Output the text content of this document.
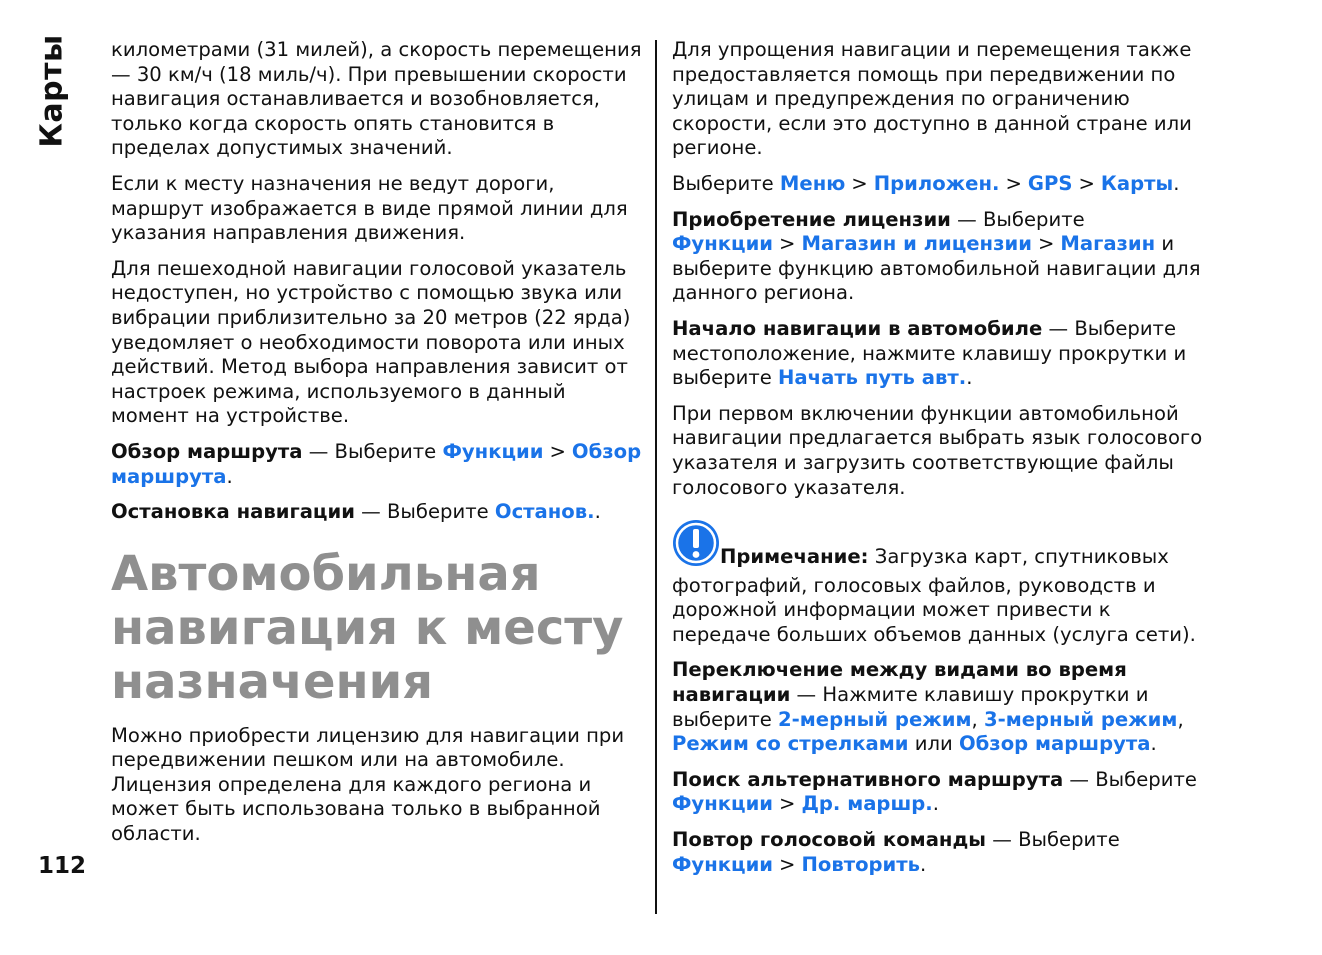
Карты
112

километрами (31 милей), а скорость перемещения — 30 км/ч (18 миль/ч). При превышении скорости навигация останавливается и возобновляется, только когда скорость опять становится в пределах допустимых значений.

Если к месту назначения не ведут дороги, маршрут изображается в виде прямой линии для указания направления движения.

Для пешеходной навигации голосовой указатель недоступен, но устройство с помощью звука или вибрации приблизительно за 20 метров (22 ярда) уведомляет о необходимости поворота или иных действий. Метод выбора направления зависит от настроек режима, используемого в данный момент на устройстве.

Обзор маршрута — Выберите Функции > Обзор маршрута.

Остановка навигации — Выберите Останов..

Автомобильная навигация к месту назначения

Можно приобрести лицензию для навигации при передвижении пешком или на автомобиле. Лицензия определена для каждого региона и может быть использована только в выбранной области.

Для упрощения навигации и перемещения также предоставляется помощь при передвижении по улицам и предупреждения по ограничению скорости, если это доступно в данной стране или регионе.

Выберите Меню > Приложен. > GPS > Карты.

Приобретение лицензии — Выберите Функции > Магазин и лицензии > Магазин и выберите функцию автомобильной навигации для данного региона.

Начало навигации в автомобиле — Выберите местоположение, нажмите клавишу прокрутки и выберите Начать путь авт..

При первом включении функции автомобильной навигации предлагается выбрать язык голосового указателя и загрузить соответствующие файлы голосового указателя.

Примечание: Загрузка карт, спутниковых фотографий, голосовых файлов, руководств и дорожной информации может привести к передаче больших объемов данных (услуга сети).

Переключение между видами во время навигации — Нажмите клавишу прокрутки и выберите 2-мерный режим, 3-мерный режим, Режим со стрелками или Обзор маршрута.

Поиск альтернативного маршрута — Выберите Функции > Др. маршр..

Повтор голосовой команды — Выберите Функции > Повторить.
